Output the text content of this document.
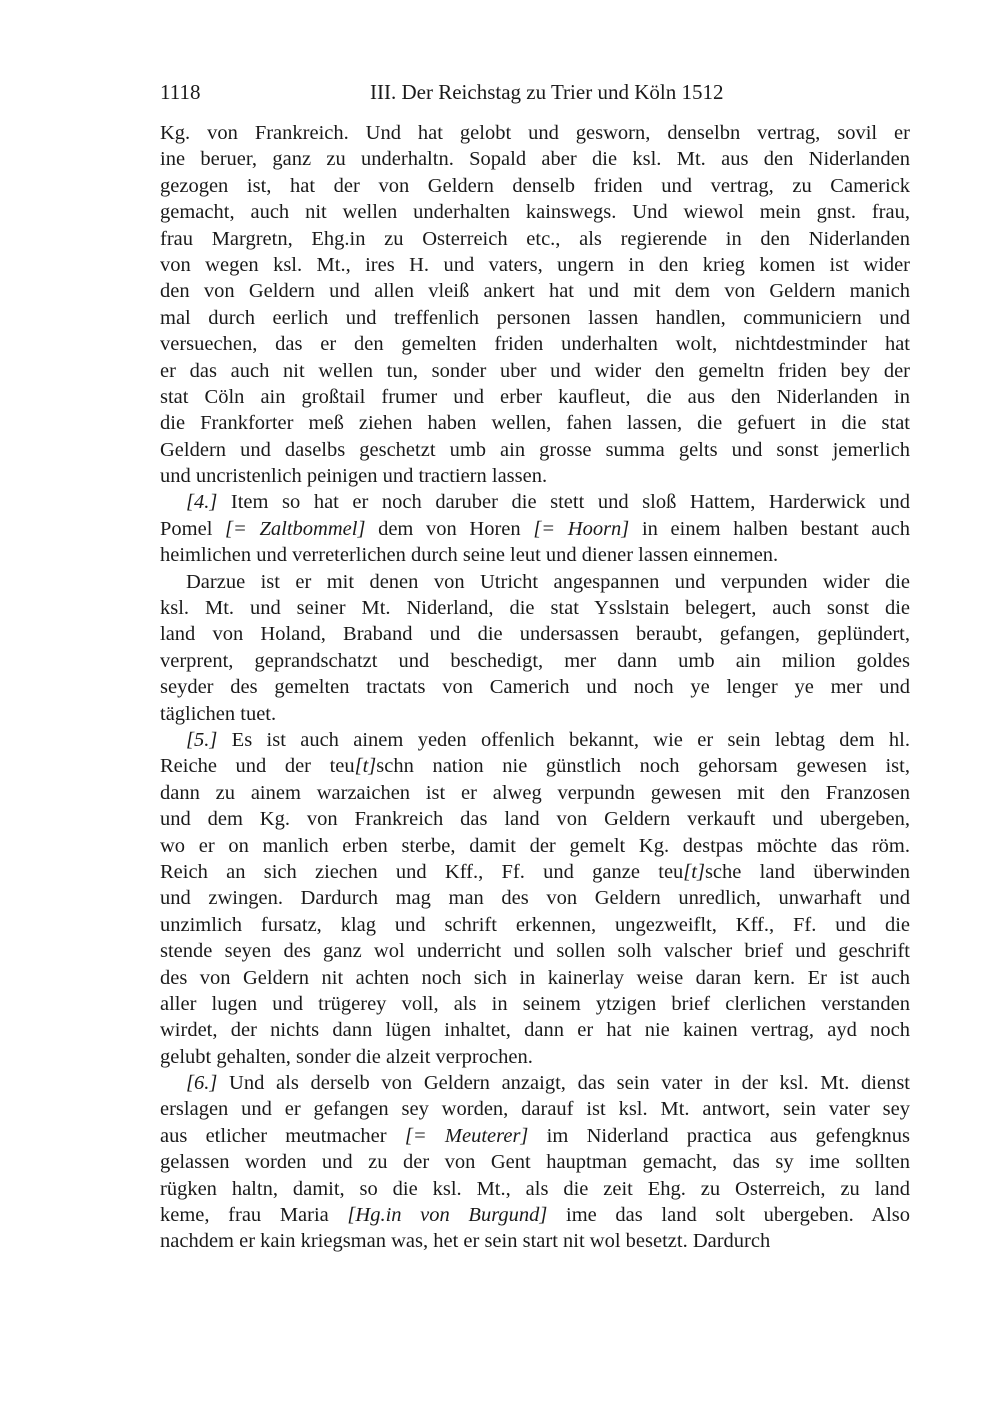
1118	III. Der Reichstag zu Trier und Köln 1512
Kg. von Frankreich. Und hat gelobt und gesworn, denselbn vertrag, sovil er
ine beruer, ganz zu underhaltn. Sopald aber die ksl. Mt. aus den Niderlanden
gezogen ist, hat der von Geldern denselb friden und vertrag, zu Camerick
gemacht, auch nit wellen underhalten kainswegs. Und wiewol mein gnst. frau,
frau Margretn, Ehg.in zu Osterreich etc., als regierende in den Niderlanden
von wegen ksl. Mt., ires H. und vaters, ungern in den krieg komen ist wider
den von Geldern und allen vleiß ankert hat und mit dem von Geldern manich
mal durch eerlich und treffenlich personen lassen handlen, communiciern und
versuechen, das er den gemelten friden underhalten wolt, nichtdestminder hat
er das auch nit wellen tun, sonder uber und wider den gemeltn friden bey der
stat Cöln ain großtail frumer und erber kaufleut, die aus den Niderlanden in
die Frankforter meß ziehen haben wellen, fahen lassen, die gefuert in die stat
Geldern und daselbs geschetzt umb ain grosse summa gelts und sonst jemerlich
und uncristenlich peinigen und tractiern lassen.
[4.] Item so hat er noch daruber die stett und sloß Hattem, Harderwick und
Pomel [= Zaltbommel] dem von Horen [= Hoorn] in einem halben bestant auch
heimlichen und verreterlichen durch seine leut und diener lassen einnemen.
Darzue ist er mit denen von Utricht angespannen und verpunden wider die
ksl. Mt. und seiner Mt. Niderland, die stat Ysslstain belegert, auch sonst die
land von Holand, Braband und die undersassen beraubt, gefangen, geplündert,
verprent, geprandschatzt und beschedigt, mer dann umb ain milion goldes
seyder des gemelten tractats von Camerich und noch ye lenger ye mer und
täglichen tuet.
[5.] Es ist auch ainem yeden offenlich bekannt, wie er sein lebtag dem hl.
Reiche und der teu[t]schn nation nie günstlich noch gehorsam gewesen ist,
dann zu ainem warzaichen ist er alweg verpundn gewesen mit den Franzosen
und dem Kg. von Frankreich das land von Geldern verkauft und ubergeben,
wo er on manlich erben sterbe, damit der gemelt Kg. destpas möchte das röm.
Reich an sich ziechen und Kff., Ff. und ganze teu[t]sche land überwinden
und zwingen. Dardurch mag man des von Geldern unredlich, unwarhaft und
unzimlich fursatz, klag und schrift erkennen, ungezweiflt, Kff., Ff. und die
stende seyen des ganz wol underricht und sollen solh valscher brief und geschrift
des von Geldern nit achten noch sich in kainerlay weise daran kern. Er ist auch
aller lugen und trügerey voll, als in seinem ytzigen brief clerlichen verstanden
wirdet, der nichts dann lügen inhaltet, dann er hat nie kainen vertrag, ayd noch
gelubt gehalten, sonder die alzeit verprochen.
[6.] Und als derselb von Geldern anzaigt, das sein vater in der ksl. Mt. dienst
erslagen und er gefangen sey worden, darauf ist ksl. Mt. antwort, sein vater sey
aus etlicher meutmacher [= Meuterer] im Niderland practica aus gefengknus
gelassen worden und zu der von Gent hauptman gemacht, das sy ime sollten
rügken haltn, damit, so die ksl. Mt., als die zeit Ehg. zu Osterreich, zu land
keme, frau Maria [Hg.in von Burgund] ime das land solt ubergeben. Also
nachdem er kain kriegsman was, het er sein start nit wol besetzt. Dardurch
